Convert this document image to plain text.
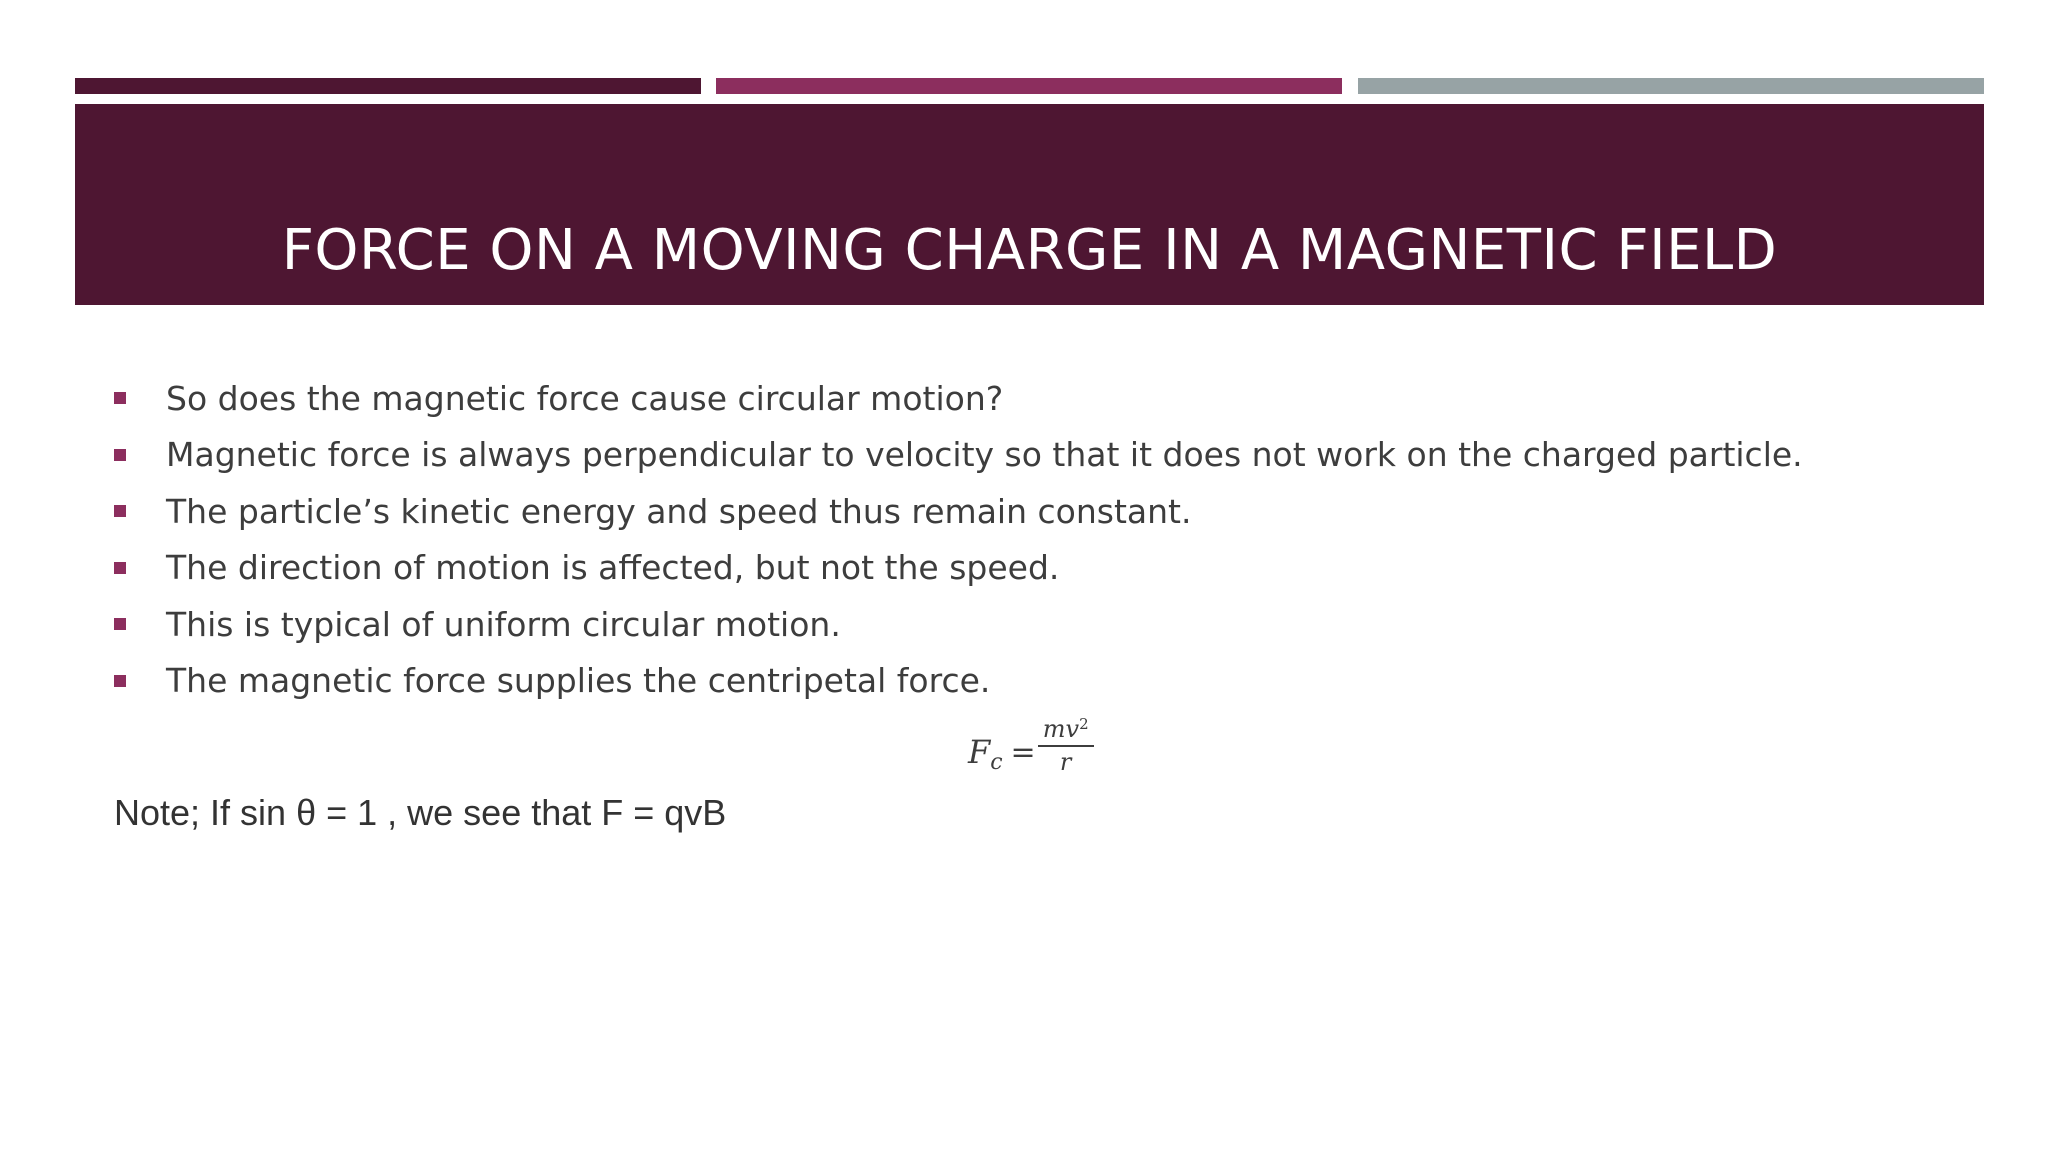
FORCE ON A MOVING CHARGE IN A MAGNETIC FIELD
So does the magnetic force cause circular motion?
Magnetic force is always perpendicular to velocity so that it does not work on the charged particle.
The particle’s kinetic energy and speed thus remain constant.
The direction of motion is affected, but not the speed.
This is typical of uniform circular motion.
The magnetic force supplies the centripetal force.
F $c = \frac{mv^2}{r}$
Note; If sin θ = 1 , we see that F = qvB
